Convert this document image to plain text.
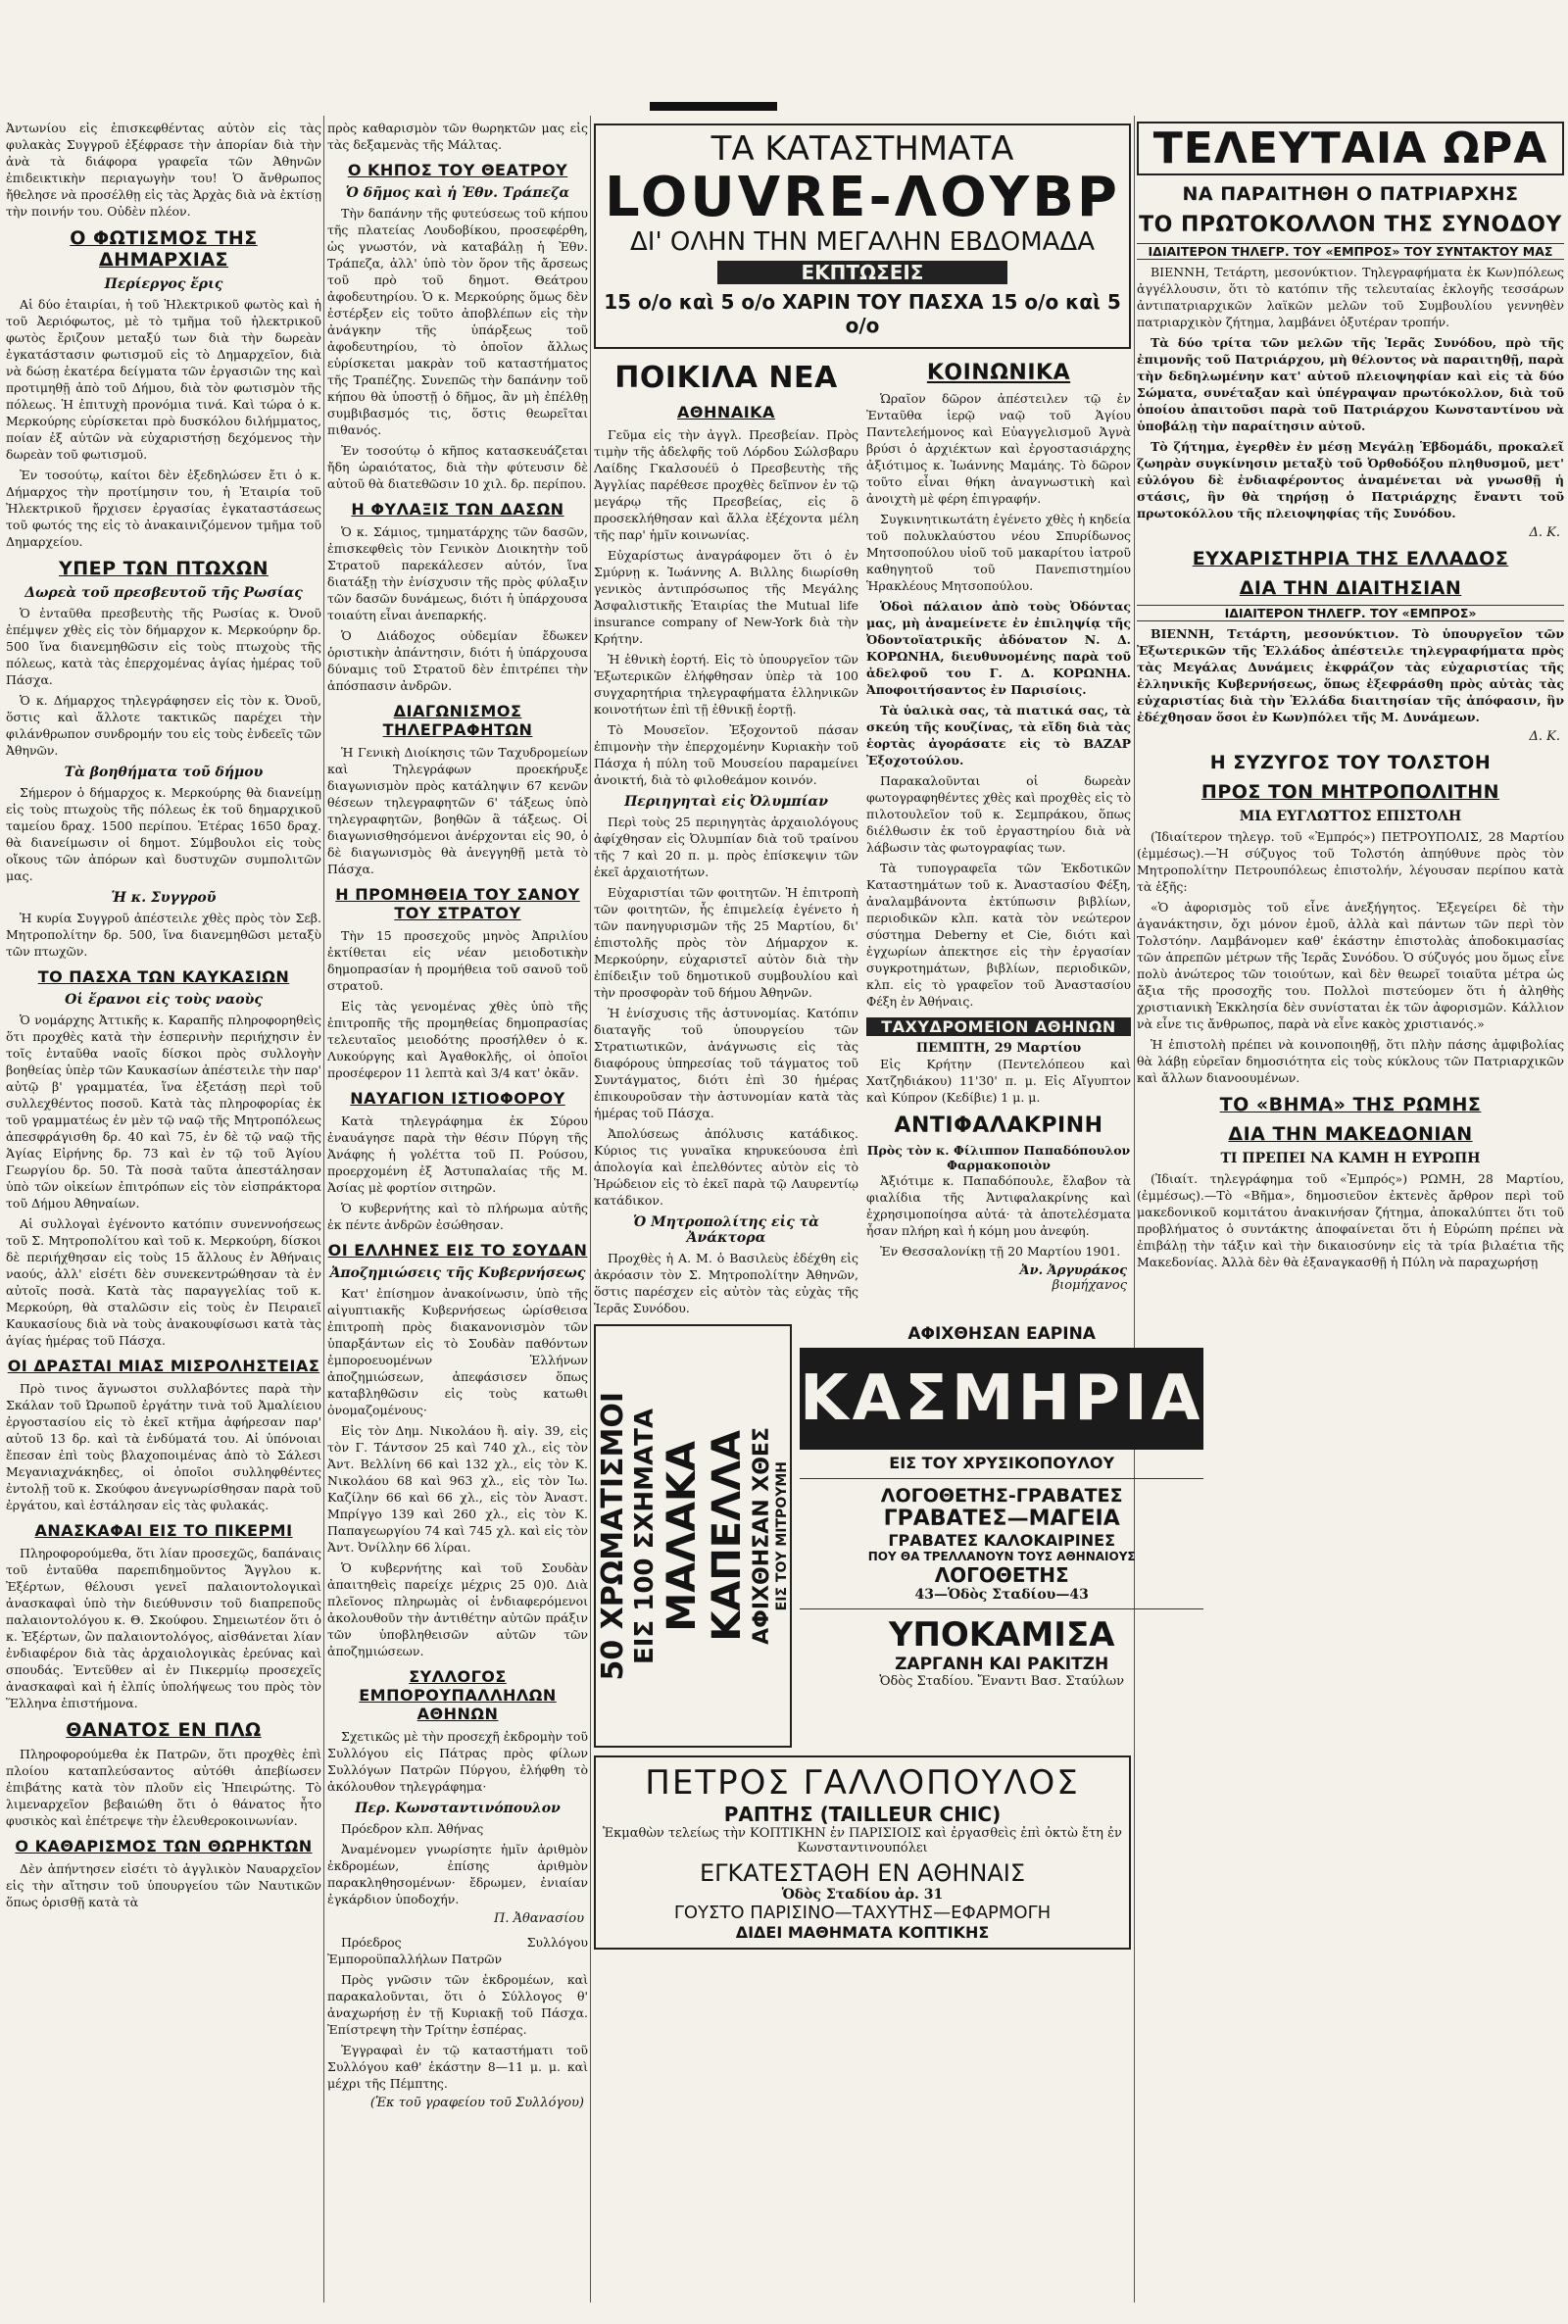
Ἀντωνίου εἰς ἐπισκεφθέντας αὐτὸν εἰς τὰς φυλακὰς Συγγροῦ ἐξέφρασε τὴν ἀπορίαν διὰ τὴν ἀνὰ τὰ διάφορα γραφεῖα τῶν Ἀθηνῶν ἐπιδεικτικὴν περιαγωγὴν του! Ὁ ἄνθρωπος ἤθελησε νὰ προσέλθῃ εἰς τὰς Ἀρχὰς διὰ νὰ ἐκτίσῃ τὴν ποινήν του. Οὐδὲν πλέον.

Ο ΦΩΤΙΣΜΟΣ ΤΗΣ ΔΗΜΑΡΧΙΑΣ
Περίεργος ἔρις

Αἱ δύο ἑταιρίαι, ἡ τοῦ Ἠλεκτρικοῦ φωτὸς καὶ ἡ τοῦ Ἀεριόφωτος, μὲ τὸ τμῆμα τοῦ ἠλεκτρικοῦ φωτὸς ἔριζουν μεταξύ των διὰ τὴν δωρεὰν ἐγκατάστασιν φωτισμοῦ εἰς τὸ Δημαρχεῖον, διὰ νὰ δώσῃ ἑκατέρα δείγματα τῶν ἐργασιῶν της καὶ προτιμηθῇ ἀπὸ τοῦ Δήμου, διὰ τὸν φωτισμὸν τῆς πόλεως. Ἡ ἐπιτυχὴ προνόμια τινά. Καὶ τώρα ὁ κ. Μερκούρης εὑρίσκεται πρὸ δυσκόλου διλήμματος, ποίαν ἐξ αὐτῶν νὰ εὐχαριστήσῃ δεχόμενος τὴν δωρεὰν τοῦ φωτισμοῦ.

Ἐν τοσούτῳ, καίτοι δὲν ἐξεδηλώσεν ἔτι ὁ κ. Δήμαρχος τὴν προτίμησιν του, ἡ Ἑταιρία τοῦ Ἠλεκτρικοῦ ἤρχισεν ἐργασίας ἐγκαταστάσεως τοῦ φωτός της εἰς τὸ ἀνακαινιζόμενον τμῆμα τοῦ Δημαρχείου.

ΥΠΕΡ ΤΩΝ ΠΤΩΧΩΝ
Δωρεὰ τοῦ πρεσβευτοῦ τῆς Ρωσίας

Ὁ ἐνταῦθα πρεσβευτὴς τῆς Ρωσίας κ. Ὀνοῦ ἐπέμψεν χθὲς εἰς τὸν δήμαρχον κ. Μερκούρην δρ. 500 ἵνα διανεμηθῶσιν εἰς τοὺς πτωχοὺς τῆς πόλεως, κατὰ τὰς ἐπερχομένας ἁγίας ἡμέρας τοῦ Πάσχα.

Ὁ κ. Δήμαρχος τηλεγράφησεν εἰς τὸν κ. Ὀνοῦ, ὅστις καὶ ἄλλοτε τακτικῶς παρέχει τὴν φιλάνθρωπον συνδρομήν του εἰς τοὺς ἐνδεεῖς τῶν Ἀθηνῶν.

Τὰ βοηθήματα τοῦ δήμου

Σήμερον ὁ δήμαρχος κ. Μερκούρης θὰ διανείμῃ εἰς τοὺς πτωχοὺς τῆς πόλεως ἐκ τοῦ δημαρχικοῦ ταμείου δραχ. 1500 περίπου. Ἑτέρας 1650 δραχ. θὰ διανείμωσιν οἱ δημοτ. Σύμβουλοι εἰς τοὺς οἴκους τῶν ἀπόρων καὶ δυστυχῶν συμπολιτῶν μας.

Ἡ κ. Συγγροῦ

Ἡ κυρία Συγγροῦ ἀπέστειλε χθὲς πρὸς τὸν Σεβ. Μητροπολίτην δρ. 500, ἵνα διανεμηθῶσι μεταξὺ τῶν πτωχῶν.

ΤΟ ΠΑΣΧΑ ΤΩΝ ΚΑΥΚΑΣΙΩΝ
Οἱ ἔρανοι εἰς τοὺς ναοὺς

Ὁ νομάρχης Ἀττικῆς κ. Καραπῆς πληροφορηθεὶς ὅτι προχθὲς κατὰ τὴν ἑσπερινὴν περιήχησιν ἐν τοῖς ἐνταῦθα ναοῖς δίσκοι πρὸς συλλογὴν βοηθείας ὑπὲρ τῶν Καυκασίων ἀπέστειλε τὴν παρ' αὐτῷ β' γραμματέα, ἵνα ἐξετάσῃ περὶ τοῦ συλλεχθέντος ποσοῦ. Κατὰ τὰς πληροφορίας ἐκ τοῦ γραμματέως ἐν μὲν τῷ ναῷ τῆς Μητροπόλεως ἀπεσφράγισθη δρ. 40 καὶ 75, ἐν δὲ τῷ ναῷ τῆς Ἁγίας Εἰρήνης δρ. 73 καὶ ἐν τῷ τοῦ Ἁγίου Γεωργίου δρ. 50. Τὰ ποσὰ ταῦτα ἀπεστάλησαν ὑπὸ τῶν οἰκείων ἐπιτρόπων εἰς τὸν εἰσπράκτορα τοῦ Δήμου Ἀθηναίων.

Αἱ συλλογαὶ ἐγένοντο κατόπιν συνεννοήσεως τοῦ Σ. Μητροπολίτου καὶ τοῦ κ. Μερκούρη, δίσκοι δὲ περιήχθησαν εἰς τοὺς 15 ἄλλους ἐν Ἀθήναις ναούς, ἀλλ' εἰσέτι δὲν συνεκεντρώθησαν τὰ ἐν αὐτοῖς ποσὰ. Κατὰ τὰς παραγγελίας τοῦ κ. Μερκούρη, θὰ σταλῶσιν εἰς τοὺς ἐν Πειραιεῖ Καυκασίους διὰ νὰ τοὺς ἀνακουφίσωσι κατὰ τὰς ἁγίας ἡμέρας τοῦ Πάσχα.

ΟΙ ΔΡΑΣΤΑΙ ΜΙΑΣ ΜΙΣΡΟΛΗΣΤΕΙΑΣ

Πρὸ τινος ἄγνωστοι συλλαβόντες παρὰ τὴν Σκάλαν τοῦ Ὠρωποῦ ἐργάτην τινὰ τοῦ Ἀμαλίειου ἐργοστασίου εἰς τὸ ἐκεῖ κτῆμα ἀφήρεσαν παρ' αὐτοῦ 13 δρ. καὶ τὰ ἐνδύματά του. Αἱ ὑπόνοιαι ἔπεσαν ἐπὶ τοὺς βλαχοποιμένας ἀπὸ τὸ Σάλεσι Μεγανιαχνάκηδες, οἱ ὁποῖοι συλληφθέντες ἐντολῇ τοῦ κ. Σκούφου ἀνεγνωρίσθησαν παρὰ τοῦ ἐργάτου, καὶ ἐστάλησαν εἰς τὰς φυλακάς.

ΑΝΑΣΚΑΦΑΙ ΕΙΣ ΤΟ ΠΙΚΕΡΜΙ

Πληροφορούμεθα, ὅτι λίαν προσεχῶς, δαπάναις τοῦ ἐνταῦθα παρεπιδημοῦντος Ἄγγλου κ. Ἐξέρτων, θέλουσι γενεῖ παλαιοντολογικαὶ ἀνασκαφαὶ ὑπὸ τὴν διεύθυνσιν τοῦ διαπρεποῦς παλαιοντολόγου κ. Θ. Σκούφου. Σημειωτέον ὅτι ὁ κ. Ἐξέρτων, ὢν παλαιοντολόγος, αἰσθάνεται λίαν ἐνδιαφέρον διὰ τὰς ἀρχαιολογικὰς ἐρεύνας καὶ σπουδάς. Ἐντεῦθεν αἱ ἐν Πικερμίῳ προσεχεῖς ἀνασκαφαὶ καὶ ἡ ἐλπίς ὑπολήψεως του πρὸς τὸν Ἕλληνα ἐπιστήμονα.

ΘΑΝΑΤΟΣ ΕΝ ΠΛΩ

Πληροφορούμεθα ἐκ Πατρῶν, ὅτι προχθὲς ἐπὶ πλοίου καταπλεύσαντος αὐτόθι ἀπεβίωσεν ἐπιβάτης κατὰ τὸν πλοῦν εἰς Ἠπειρώτης. Τὸ λιμεναρχεῖον βεβαιώθη ὅτι ὁ θάνατος ἦτο φυσικὸς καὶ ἐπέτρεψε τὴν ἐλευθεροκοινωνίαν.

Ο ΚΑΘΑΡΙΣΜΟΣ ΤΩΝ ΘΩΡΗΚΤΩΝ

Δὲν ἀπήντησεν εἰσέτι τὸ ἀγγλικὸν Ναυαρχεῖον εἰς τὴν αἴτησιν τοῦ ὑπουργείου τῶν Ναυτικῶν ὅπως ὁρισθῇ κατὰ τὰ

πρὸς καθαρισμὸν τῶν θωρηκτῶν μας εἰς τὰς δεξαμενὰς τῆς Μάλτας.

Ο ΚΗΠΟΣ ΤΟΥ ΘΕΑΤΡΟΥ
Ὁ δῆμος καὶ ἡ Ἐθν. Τράπεζα

Τὴν δαπάνην τῆς φυτεύσεως τοῦ κήπου τῆς πλατείας Λουδοβίκου, προσεφέρθη, ὡς γνωστόν, νὰ καταβάλῃ ἡ Ἐθν. Τράπεζα, ἀλλ' ὑπὸ τὸν ὅρον τῆς ἄρσεως τοῦ πρὸ τοῦ δημοτ. Θεάτρου ἀφοδευτηρίου. Ὁ κ. Μερκούρης ὅμως δὲν ἐστέρξεν εἰς τοῦτο ἀποβλέπων εἰς τὴν ἀνάγκην τῆς ὑπάρξεως τοῦ ἀφοδευτηρίου, τὸ ὁποῖον ἄλλως εὑρίσκεται μακρὰν τοῦ καταστήματος τῆς Τραπέζης. Συνεπῶς τὴν δαπάνην τοῦ κήπου θὰ ὑποστῇ ὁ δῆμος, ἂν μὴ ἐπέλθῃ συμβιβασμός τις, ὅστις θεωρεῖται πιθανός.

Ἐν τοσούτῳ ὁ κῆπος κατασκευάζεται ἤδη ὡραιότατος, διὰ τὴν φύτευσιν δὲ αὐτοῦ θὰ διατεθῶσιν 10 χιλ. δρ. περίπου.

Η ΦΥΛΑΞΙΣ ΤΩΝ ΔΑΣΩΝ

Ὁ κ. Σάμιος, τμηματάρχης τῶν δασῶν, ἐπισκεφθεὶς τὸν Γενικὸν Διοικητὴν τοῦ Στρατοῦ παρεκάλεσεν αὐτόν, ἵνα διατάξῃ τὴν ἐνίσχυσιν τῆς πρὸς φύλαξιν τῶν δασῶν δυνάμεως, διότι ἡ ὑπάρχουσα τοιαύτη εἶναι ἀνεπαρκής.

Ὁ Διάδοχος οὐδεμίαν ἔδωκεν ὁριστικὴν ἀπάντησιν, διότι ἡ ὑπάρχουσα δύναμις τοῦ Στρατοῦ δὲν ἐπιτρέπει τὴν ἀπόσπασιν ἀνδρῶν.

ΔΙΑΓΩΝΙΣΜΟΣ ΤΗΛΕΓΡΑΦΗΤΩΝ

Ἡ Γενικὴ Διοίκησις τῶν Ταχυδρομείων καὶ Τηλεγράφων προεκήρυξε διαγωνισμὸν πρὸς κατάληψιν 67 κενῶν θέσεων τηλεγραφητῶν 6' τάξεως ὑπὸ τηλεγραφητῶν, βοηθῶν ἃ τάξεως. Οἱ διαγωνισθησόμενοι ἀνέρχονται εἰς 90, ὁ δὲ διαγωνισμὸς θὰ ἀνεγγηθῇ μετὰ τὸ Πάσχα.

Η ΠΡΟΜΗΘΕΙΑ ΤΟΥ ΣΑΝΟΥ ΤΟΥ ΣΤΡΑΤΟΥ

Τὴν 15 προσεχοῦς μηνὸς Ἀπριλίου ἐκτίθεται εἰς νέαν μειοδοτικὴν δημοπρασίαν ἡ προμήθεια τοῦ σανοῦ τοῦ στρατοῦ.

Εἰς τὰς γενομένας χθὲς ὑπὸ τῆς ἐπιτροπῆς τῆς προμηθείας δημοπρασίας τελευταῖος μειοδότης προσήλθεν ὁ κ. Λυκούργης καὶ Ἀγαθοκλῆς, οἱ ὁποῖοι προσέφερον 11 λεπτὰ καὶ 3/4 κατ' ὀκᾶν.

ΝΑΥΑΓΙΟΝ ΙΣΤΙΟΦΟΡΟΥ

Κατὰ τηλεγράφημα ἐκ Σύρου ἐναυάγησε παρὰ τὴν θέσιν Πύργη τῆς Ἀνάφης ἡ γολέττα τοῦ Π. Ρούσου, προερχομένη ἐξ Ἀστυπαλαίας τῆς Μ. Ἀσίας μὲ φορτίον σιτηρῶν.

Ὁ κυβερνήτης καὶ τὸ πλήρωμα αὐτῆς ἐκ πέντε ἀνδρῶν ἐσώθησαν.

ΟΙ ΕΛΛΗΝΕΣ ΕΙΣ ΤΟ ΣΟΥΔΑΝ
Ἀποζημιώσεις τῆς Κυβερνήσεως

Κατ' ἐπίσημον ἀνακοίνωσιν, ὑπὸ τῆς αἰγυπτιακῆς Κυβερνήσεως ὡρίσθεισα ἐπιτροπὴ πρὸς διακανονισμὸν τῶν ὑπαρξάντων εἰς τὸ Σουδὰν παθόντων ἐμποροευομένων Ἑλλήνων ἀποζημιώσεων, ἀπεφάσισεν ὅπως καταβληθῶσιν εἰς τοὺς κατωθι ὀνομαζομένους·

Εἰς τὸν Δημ. Νικολάου ἢ. αἰγ. 39, εἰς τὸν Γ. Τάντσον 25 καὶ 740 χλ., εἰς τὸν Ἀντ. Βελλίνη 66 καὶ 132 χλ., εἰς τὸν Κ. Νικολάου 68 καὶ 963 χλ., εἰς τὸν Ἰω. Καζίλην 66 καὶ 66 χλ., εἰς τὸν Ἀναστ. Μπρίγγο 139 καὶ 260 χλ., εἰς τὸν Κ. Παπαγεωργίου 74 καὶ 745 χλ. καὶ εἰς τὸν Ἀντ. Ὀνίλλην 66 λίραι.

Ὁ κυβερνήτης καὶ τοῦ Σουδὰν ἀπαιτηθεὶς παρείχε μέχρις 25 0)0. Διὰ πλεῖονος πληρωμὰς οἱ ἐνδιαφερόμενοι ἀκολουθοῦν τὴν ἀντιθέτην αὐτῶν πράξιν τῶν ὑποβληθεισῶν αὐτῶν τῶν ἀποζημιώσεων.

ΣΥΛΛΟΓΟΣ ΕΜΠΟΡΟΥΠΑΛΛΗΛΩΝ ΑΘΗΝΩΝ

Σχετικῶς μὲ τὴν προσεχῆ ἐκδρομὴν τοῦ Συλλόγου εἰς Πάτρας πρὸς φίλων Συλλόγων Πατρῶν Πύργου, ἐλήφθη τὸ ἀκόλουθον τηλεγράφημα·

Περ. Κωνσταντινόπουλον

Πρόεδρον κλπ. Ἀθήνας

Ἀναμένομεν γνωρίσητε ἡμῖν ἀριθμὸν ἐκδρομέων, ἐπίσης ἀριθμὸν παρακληθησομένων· ἔδρωμεν, ἐνιαίαν ἐγκάρδιον ὑποδοχήν.

Π. Ἀθανασίου

Πρόεδρος Συλλόγου Ἐμποροϋπαλλήλων Πατρῶν

Πρὸς γνῶσιν τῶν ἐκδρομέων, καὶ παρακαλοῦνται, ὅτι ὁ Σύλλογος θ' ἀναχωρήσῃ ἐν τῇ Κυριακῇ τοῦ Πάσχα. Ἐπίστρεψη τὴν Τρίτην ἑσπέρας.

Ἐγγραφαὶ ἐν τῷ καταστήματι τοῦ Συλλόγου καθ' ἑκάστην 8—11 μ. μ. καὶ μέχρι τῆς Πέμπτης.

(Ἐκ τοῦ γραφείου τοῦ Συλλόγου)

ΤΑ ΚΑΤΑΣΤΗΜΑΤΑ

LOUVRE-ΛΟΥΒΡ

ΔΙ' ΟΛΗΝ ΤΗΝ ΜΕΓΑΛΗΝ ΕΒΔΟΜΑΔΑ

ΕΚΠΤΩΣΕΙΣ
15 ο/ο καὶ 5 ο/ο ΧΑΡΙΝ ΤΟΥ ΠΑΣΧΑ 15 ο/ο καὶ 5 ο/ο
ΠΟΙΚΙΛΑ ΝΕΑ
ΑΘΗΝΑΙΚΑ

Γεῦμα εἰς τὴν ἀγγλ. Πρεσβείαν. Πρὸς τιμὴν τῆς ἀδελφῆς τοῦ Λόρδου Σώλσβαρυ Λαίδης Γκαλσουέϋ ὁ Πρεσβευτὴς τῆς Ἀγγλίας παρέθεσε προχθὲς δεῖπνον ἐν τῷ μεγάρῳ τῆς Πρεσβείας, εἰς ὃ προσεκλήθησαν καὶ ἄλλα ἐξέχοντα μέλη τῆς παρ' ἡμῖν κοινωνίας.

Εὐχαρίστως ἀναγράφομεν ὅτι ὁ ἐν Σμύρνῃ κ. Ἰωάννης Α. Βιλλης διωρίσθη γενικὸς ἀντιπρόσωπος τῆς Μεγάλης Ἀσφαλιστικῆς Ἑταιρίας the Mutual life insurance company of New-York διὰ τὴν Κρήτην.

Ἡ ἐθνικὴ ἑορτή. Εἰς τὸ ὑπουργεῖον τῶν Ἐξωτερικῶν ἐλήφθησαν ὑπὲρ τὰ 100 συγχαρητήρια τηλεγραφήματα ἑλληνικῶν κοινοτήτων ἐπὶ τῇ ἐθνικῇ ἑορτῇ.

Τὸ Μουσεῖον. Ἐξοχοντοῦ πάσαν ἐπιμονὴν τὴν ἐπερχομένην Κυριακὴν τοῦ Πάσχα ἡ πύλη τοῦ Μουσείου παραμείνει ἀνοικτή, διὰ τὸ φιλοθεάμον κοινόν.

Περιηγηταὶ εἰς Ὀλυμπίαν

Περὶ τοὺς 25 περιηγητὰς ἀρχαιολόγους ἀφίχθησαν εἰς Ὀλυμπίαν διὰ τοῦ τραίνου τῆς 7 καὶ 20 π. μ. πρὸς ἐπίσκεψιν τῶν ἐκεῖ ἀρχαιοτήτων.

Εὐχαριστίαι τῶν φοιτητῶν. Ἡ ἐπιτροπὴ τῶν φοιτητῶν, ἧς ἐπιμελείᾳ ἐγένετο ἡ τῶν πανηγυρισμῶν τῆς 25 Μαρτίου, δι' ἐπιστολῆς πρὸς τὸν Δήμαρχον κ. Μερκούρην, εὐχαριστεῖ αὐτὸν διὰ τὴν ἐπίδειξιν τοῦ δημοτικοῦ συμβουλίου καὶ τὴν προσφορὰν τοῦ δήμου Ἀθηνῶν.

Ἡ ἐνίσχυσις τῆς ἀστυνομίας. Κατόπιν διαταγῆς τοῦ ὑπουργείου τῶν Στρατιωτικῶν, ἀνάγνωσις εἰς τὰς διαφόρους ὑπηρεσίας τοῦ τάγματος τοῦ Συντάγματος, διότι ἐπὶ 30 ἡμέρας ἐπικουροῦσαν τὴν ἀστυνομίαν κατὰ τὰς ἡμέρας τοῦ Πάσχα.

Ἀπολύσεως ἀπόλυσις κατάδικος. Κύριος τις γυναῖκα κηρυκεύουσα ἐπὶ ἀπολογία καὶ ἐπελθόντες αὐτὸν εἰς τὸ Ἡρώδειον εἰς τὸ ἐκεῖ παρὰ τῷ Λαυρεντίῳ κατάδικον.

Ὁ Μητροπολίτης εἰς τὰ Ἀνάκτορα

Προχθὲς ἡ Α. Μ. ὁ Βασιλεὺς ἐδέχθη εἰς ἀκρόασιν τὸν Σ. Μητροπολίτην Ἀθηνῶν, ὅστις παρέσχεν εἰς αὐτὸν τὰς εὐχὰς τῆς Ἱερᾶς Συνόδου.

ΚΟΙΝΩΝΙΚΑ

Ὡραῖον δῶρον ἀπέστειλεν τῷ ἐν Ἐνταῦθα ἱερῷ ναῷ τοῦ Ἁγίου Παντελεήμονος καὶ Εὐαγγελισμοῦ Ἁγνὰ βρύσι ὁ ἀρχιέκτων καὶ ἐργοστασιάρχης ἀξιότιμος κ. Ἰωάννης Μαμάης. Τὸ δῶρον τοῦτο εἶναι θήκη ἀναγνωστικὴ καὶ ἀνοιχτὴ μὲ φέρη ἐπιγραφήν.

Συγκινητικωτάτη ἐγένετο χθὲς ἡ κηδεία τοῦ πολυκλαύστου νέου Σπυρίδωνος Μητσοπούλου υἱοῦ τοῦ μακαρίτου ἰατροῦ καθηγητοῦ τοῦ Πανεπιστημίου Ἡρακλέους Μητσοπούλου.

Ὁδοὶ πάλαιον ἀπὸ τοὺς Ὀδόντας μας, μὴ ἀναμείνετε ἐν ἐπιληψίᾳ τῆς Ὀδοντοϊατρικῆς ἀδόνατον Ν. Δ. ΚΟΡΩΝΗΑ, διευθυνομένης παρὰ τοῦ ἀδελφοῦ του Γ. Δ. ΚΟΡΩΝΗΑ. Ἀποφοιτήσαντος ἐν Παρισίοις.

Τὰ ὑαλικὰ σας, τὰ πιατικά σας, τὰ σκεύη τῆς κουζίνας, τὰ εἴδη διὰ τὰς ἑορτὰς ἀγοράσατε εἰς τὸ ΒΑΖΑΡ Ἐξοχοτούλου.

Παρακαλοῦνται οἱ δωρεὰν φωτογραφηθέντες χθὲς καὶ προχθὲς εἰς τὸ πιλοτουλεῖον τοῦ κ. Σεμπράκου, ὅπως διέλθωσιν ἐκ τοῦ ἐργαστηρίου διὰ νὰ λάβωσιν τὰς φωτογραφίας των.

Τὰ τυπογραφεῖα τῶν Ἐκδοτικῶν Καταστημάτων τοῦ κ. Ἀναστασίου Φέξη, ἀναλαμβάνοντα ἐκτύπωσιν βιβλίων, περιοδικῶν κλπ. κατὰ τὸν νεώτερον σύστημα Deberny et Cie, διότι καὶ ἐγχωρίων ἀπεκτησε εἰς τὴν ἐργασίαν συγκροτημάτων, βιβλίων, περιοδικῶν, κλπ. εἰς τὸ γραφεῖον τοῦ Ἀναστασίου Φέξη ἐν Ἀθήναις.

ΤΑΧΥΔΡΟΜΕΙΟΝ ΑΘΗΝΩΝ
ΠΕΜΠΤΗ, 29 Μαρτίου

Εἰς Κρήτην (Πεντελόπεου καὶ Χατζηδιάκου) 11'30' π. μ. Εἰς Αἴγυπτον καὶ Κύπρον (Κεδίβιε) 1 μ. μ.

ΑΝΤΙΦΑΛΑΚΡΙΝΗ
Πρὸς τὸν κ. Φίλιππον Παπαδόπουλον Φαρμακοποιὸν

Ἀξιότιμε κ. Παπαδόπουλε, ἔλαβον τὰ φιαλίδια τῆς Ἀντιφαλακρίνης καὶ ἐχρησιμοποίησα αὐτά· τὰ ἀποτελέσματα ἦσαν πλήρη καὶ ἡ κόμη μου ἀνεφύη.

Ἐν Θεσσαλονίκῃ τῇ 20 Μαρτίου 1901.

Ἀν. Ἀργυράκος
βιομήχανος
50 ΧΡΩΜΑΤΙΣΜΟΙ ΕΙΣ 100 ΣΧΗΜΑΤΑ ΜΑΛΑΚΑ ΚΑΠΕΛΛΑ ΑΦΙΧΘΗΣΑΝ ΧΘΕΣ ΕΙΣ ΤΟΥ ΜΙΤΡΟΥΜΗ
ΑΦΙΧΘΗΣΑΝ ΕΑΡΙΝΑ
ΚΑΣΜΗΡΙΑ
ΕΙΣ ΤΟΥ ΧΡΥΣΙΚΟΠΟΥΛΟΥ
ΛΟΓΟΘΕΤΗΣ-ΓΡΑΒΑΤΕΣ
ΓΡΑΒΑΤΕΣ—ΜΑΓΕΙΑ
ΓΡΑΒΑΤΕΣ ΚΑΛΟΚΑΙΡΙΝΕΣ
ΠΟΥ ΘΑ ΤΡΕΛΛΑΝΟΥΝ ΤΟΥΣ ΑΘΗΝΑΙΟΥΣ
ΛΟΓΟΘΕΤΗΣ
43—Ὁδὸς Σταδίου—43
ΥΠΟΚΑΜΙΣΑ
ΖΑΡΓΑΝΗ ΚΑΙ ΡΑΚΙΤΖΗ
Ὁδὸς Σταδίου. Ἔναντι Βασ. Σταύλων
ΠΕΤΡΟΣ ΓΑΛΛΟΠΟΥΛΟΣ
ΡΑΠΤΗΣ (TAILLEUR CHIC)
Ἐκμαθὼν τελείως τὴν ΚΟΠΤΙΚΗΝ ἐν ΠΑΡΙΣΙΟΙΣ καὶ ἐργασθεὶς ἐπὶ ὀκτὼ ἔτη ἐν Κωνσταντινουπόλει
ΕΓΚΑΤΕΣΤΑΘΗ ΕΝ ΑΘΗΝΑΙΣ
Ὁδὸς Σταδίου ἀρ. 31
ΓΟΥΣΤΟ ΠΑΡΙΣΙΝΟ—ΤΑΧΥΤΗΣ—ΕΦΑΡΜΟΓΗ
ΔΙΔΕΙ ΜΑΘΗΜΑΤΑ ΚΟΠΤΙΚΗΣ
ΤΕΛΕΥΤΑΙΑ ΩΡΑ
ΝΑ ΠΑΡΑΙΤΗΘΗ Ο ΠΑΤΡΙΑΡΧΗΣ
ΤΟ ΠΡΩΤΟΚΟΛΛΟΝ ΤΗΣ ΣΥΝΟΔΟΥ
ΙΔΙΑΙΤΕΡΟΝ ΤΗΛΕΓΡ. ΤΟΥ «ΕΜΠΡΟΣ» ΤΟΥ ΣΥΝΤΑΚΤΟΥ ΜΑΣ

ΒΙΕΝΝΗ, Τετάρτη, μεσονύκτιον. Τηλεγραφήματα ἐκ Κων)πόλεως ἀγγέλλουσιν, ὅτι τὸ κατόπιν τῆς τελευταίας ἐκλογῆς τεσσάρων ἀντιπατριαρχικῶν λαϊκῶν μελῶν τοῦ Συμβουλίου γεννηθὲν πατριαρχικὸν ζήτημα, λαμβάνει ὀξυτέραν τροπήν.

Τὰ δύο τρίτα τῶν μελῶν τῆς Ἱερᾶς Συνόδου, πρὸ τῆς ἐπιμονῆς τοῦ Πατριάρχου, μὴ θέλοντος νὰ παραιτηθῇ, παρὰ τὴν δεδηλωμένην κατ' αὐτοῦ πλειοψηφίαν καὶ εἰς τὰ δύο Σώματα, συνέταξαν καὶ ὑπέγραψαν πρωτόκολλον, διὰ τοῦ ὁποίου ἀπαιτοῦσι παρὰ τοῦ Πατριάρχου Κωνσταντίνου νὰ ὑποβάλῃ τὴν παραίτησιν αὐτοῦ.

Τὸ ζήτημα, ἐγερθὲν ἐν μέσῃ Μεγάλῃ Ἑβδομάδι, προκαλεῖ ζωηρὰν συγκίνησιν μεταξὺ τοῦ Ὀρθοδόξου πληθυσμοῦ, μετ' εὐλόγου δὲ ἐνδιαφέροντος ἀναμένεται νὰ γνωσθῇ ἡ στάσις, ἣν θὰ τηρήσῃ ὁ Πατριάρχης ἔναντι τοῦ πρωτοκόλλου τῆς πλειοψηφίας τῆς Συνόδου.

Δ. Κ.
ΕΥΧΑΡΙΣΤΗΡΙΑ ΤΗΣ ΕΛΛΑΔΟΣ
ΔΙΑ ΤΗΝ ΔΙΑΙΤΗΣΙΑΝ
ΙΔΙΑΙΤΕΡΟΝ ΤΗΛΕΓΡ. ΤΟΥ «ΕΜΠΡΟΣ»

ΒΙΕΝΝΗ, Τετάρτη, μεσονύκτιον. Τὸ ὑπουργεῖον τῶν Ἐξωτερικῶν τῆς Ἑλλάδος ἀπέστειλε τηλεγραφήματα πρὸς τὰς Μεγάλας Δυνάμεις ἐκφράζον τὰς εὐχαριστίας τῆς ἑλληνικῆς Κυβερνήσεως, ὅπως ἐξεφράσθη πρὸς αὐτὰς τὰς εὐχαριστίας διὰ τὴν Ἑλλάδα διαιτησίαν τῆς ἀπόφασιν, ἣν ἐδέχθησαν ὅσοι ἐν Κων)πόλει τῆς Μ. Δυνάμεων.

Δ. Κ.
Η ΣΥΖΥΓΟΣ ΤΟΥ ΤΟΛΣΤΟΗ
ΠΡΟΣ ΤΟΝ ΜΗΤΡΟΠΟΛΙΤΗΝ
ΜΙΑ ΕΥΓΛΩΤΤΟΣ ΕΠΙΣΤΟΛΗ

(Ἰδιαίτερον τηλεγρ. τοῦ «Ἐμπρός») ΠΕΤΡΟΥΠΟΛΙΣ, 28 Μαρτίου (ἐμμέσως).—Ἡ σύζυγος τοῦ Τολστόη ἀπηύθυνε πρὸς τὸν Μητροπολίτην Πετρουπόλεως ἐπιστολήν, λέγουσαν περίπου κατὰ τὰ ἑξῆς:

«Ὁ ἀφορισμὸς τοῦ εἶνε ἀνεξήγητος. Ἐξεγείρει δὲ τὴν ἀγανάκτησιν, ὄχι μόνον ἐμοῦ, ἀλλὰ καὶ πάντων τῶν περὶ τὸν Τολστόην. Λαμβάνομεν καθ' ἑκάστην ἐπιστολὰς ἀποδοκιμασίας τῶν ἀπρεπῶν μέτρων τῆς Ἱερᾶς Συνόδου. Ὁ σύζυγός μου ὅμως εἶνε πολὺ ἀνώτερος τῶν τοιούτων, καὶ δὲν θεωρεῖ τοιαῦτα μέτρα ὡς ἄξια τῆς προσοχῆς του. Πολλοὶ πιστεύομεν ὅτι ἡ ἀληθὴς χριστιανικὴ Ἐκκλησία δὲν συνίσταται ἐκ τῶν ἀφορισμῶν. Κάλλιον νὰ εἶνε τις ἄνθρωπος, παρὰ νὰ εἶνε κακὸς χριστιανός.»

Ἡ ἐπιστολὴ πρέπει νὰ κοινοποιηθῇ, ὅτι πλὴν πάσης ἀμφιβολίας θὰ λάβῃ εὐρεῖαν δημοσιότητα εἰς τοὺς κύκλους τῶν Πατριαρχικῶν καὶ ἄλλων διανοουμένων.

ΤΟ «ΒΗΜΑ» ΤΗΣ ΡΩΜΗΣ
ΔΙΑ ΤΗΝ ΜΑΚΕΔΟΝΙΑΝ
ΤΙ ΠΡΕΠΕΙ ΝΑ ΚΑΜΗ Η ΕΥΡΩΠΗ

(Ἰδιαίτ. τηλεγράφημα τοῦ «Ἐμπρός») ΡΩΜΗ, 28 Μαρτίου, (ἐμμέσως).—Τὸ «Βῆμα», δημοσιεῦον ἐκτενὲς ἄρθρον περὶ τοῦ μακεδονικοῦ κομιτάτου ἀνακινήσαν ζήτημα, ἀποκαλύπτει ὅτι τοῦ προβλήματος ὁ συντάκτης ἀποφαίνεται ὅτι ἡ Εὐρώπη πρέπει νὰ ἐπιβάλῃ τὴν τάξιν καὶ τὴν δικαιοσύνην εἰς τὰ τρία βιλαέτια τῆς Μακεδονίας. Ἀλλὰ δὲν θὰ ἐξαναγκασθῇ ἡ Πύλη νὰ παραχωρήσῃ
